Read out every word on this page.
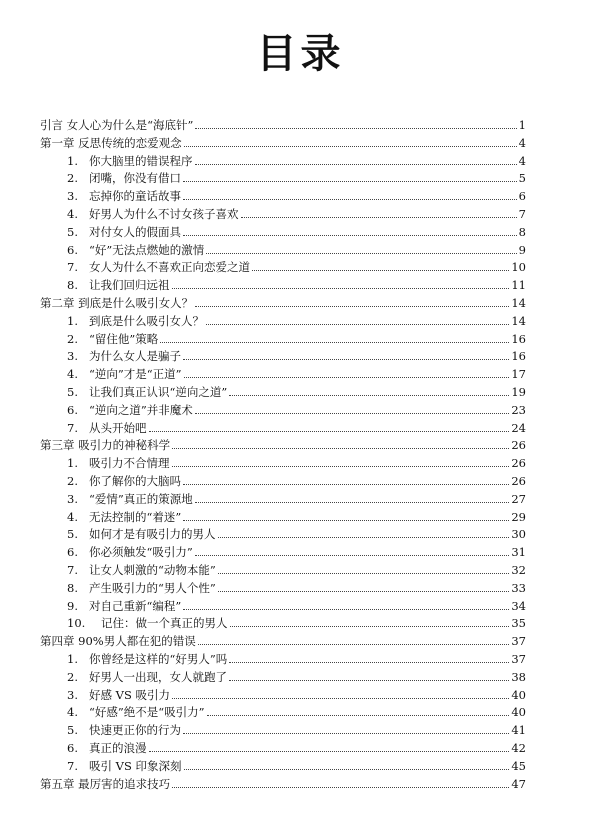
目录
引言 女人心为什么是“海底针”	1
第一章 反思传统的恋爱观念	4
1. 你大脑里的错误程序	4
2. 闭嘴，你没有借口	5
3. 忘掉你的童话故事	6
4. 好男人为什么不讨女孩子喜欢	7
5. 对付女人的假面具	8
6. “好”无法点燃她的激情	9
7. 女人为什么不喜欢正向恋爱之道	10
8. 让我们回归远祖	11
第二章 到底是什么吸引女人？	14
1. 到底是什么吸引女人？	14
2. “留住他”策略	16
3. 为什么女人是骗子	16
4. “逆向”才是“正道”	17
5. 让我们真正认识“逆向之道”	19
6. “逆向之道”并非魔术	23
7. 从头开始吧	24
第三章 吸引力的神秘科学	26
1. 吸引力不合情理	26
2. 你了解你的大脑吗	26
3. “爱情”真正的策源地	27
4. 无法控制的“着迷”	29
5. 如何才是有吸引力的男人	30
6. 你必须触发“吸引力”	31
7. 让女人刺激的“动物本能”	32
8. 产生吸引力的“男人个性”	33
9. 对自己重新“编程”	34
10.	记住：做一个真正的男人	35
第四章 90%男人都在犯的错误	37
1. 你曾经是这样的“好男人”吗	37
2. 好男人一出现，女人就跑了	38
3. 好感 VS 吸引力	40
4. “好感”绝不是“吸引力”	40
5. 快速更正你的行为	41
6. 真正的浪漫	42
7. 吸引 VS 印象深刻	45
第五章 最厉害的追求技巧	47
